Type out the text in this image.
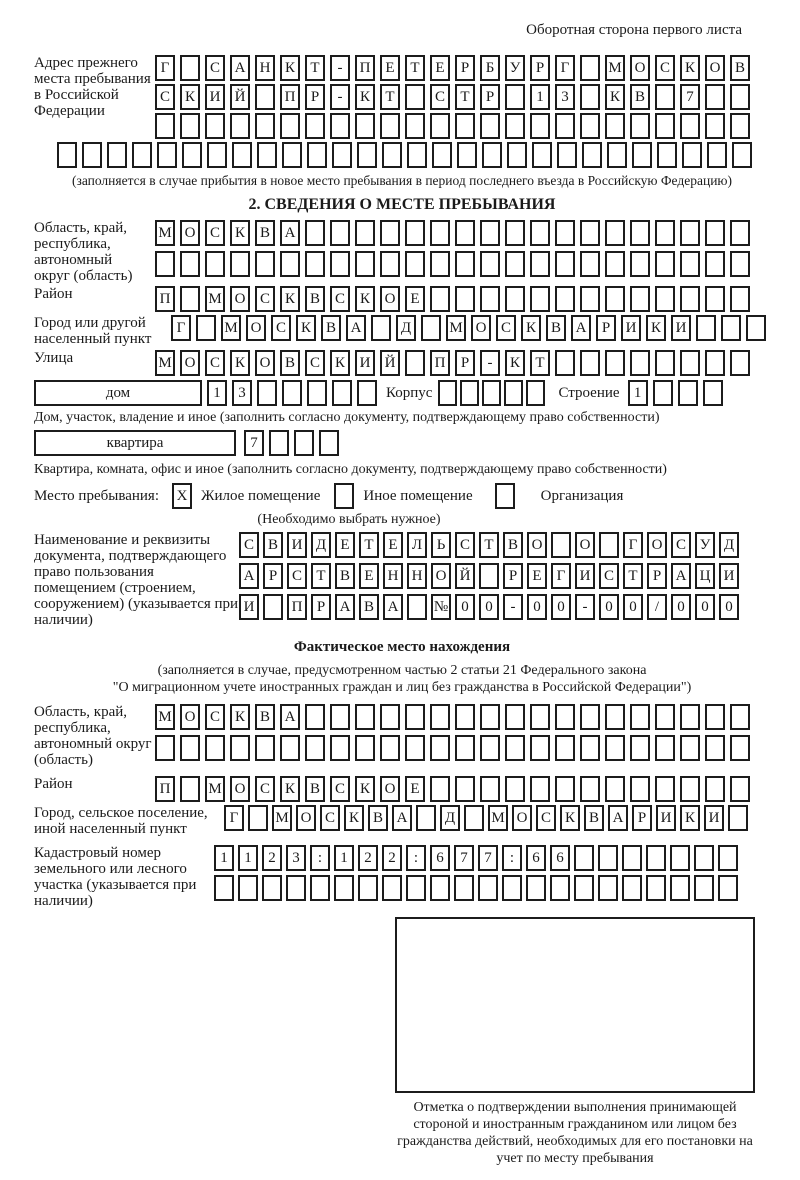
Оборотная сторона первого листа
Адрес прежнего места пребывания в Российской Федерации
Г	С А Н К	Т	-	П Е	Т	Е	Р	Б	У	Р	Г	М О С К О В
С К И Й	П	Р	-	К	Т	С	Т	Р	1	3	К В	7
(заполняется в случае прибытия в новое место пребывания в период последнего въезда в Российскую Федерацию)
2. СВЕДЕНИЯ О МЕСТЕ ПРЕБЫВАНИЯ
Область, край, республика, автономный округ (область)
М О С К В А
Район	П	М О С К В С К О Е
Город или другой населенный пункт
Г	М О С К В А	Д	М О С К В А	Р	И К И
Улица	М О С К О В С К И Й	П	Р	-	К	Т
дом	1	3	Корпус	Строение 1
Дом, участок, владение и иное (заполнить согласно документу, подтверждающему право собственности)
квартира	7
Квартира, комната, офис и иное (заполнить согласно документу, подтверждающему право собственности)
Место пребывания:	X Жилое помещение	Иное помещение	Организация
(Необходимо выбрать нужное)
Наименование и реквизиты документа, подтверждающего право пользования помещением (строением, сооружением) (указывается при наличии)
С В И Д Е Т Е Л Ь С Т В О	О	Г О С У Д
А Р С Т В Е Н Н О Й	Р	Е	Г И С Т	Р А Ц И
И	П Р А В А	№ 0	0	-	0	0	-	0	0	/	0	0	0
Фактическое место нахождения
(заполняется в случае, предусмотренном частью 2 статьи 21 Федерального закона
"О миграционном учете иностранных граждан и лиц без гражданства в Российской Федерации")
Область, край, республика, автономный округ (область)
М О С К В А
Район	П	М О С К В С К О Е
Город, сельское поселение, иной населенный пункт
Г	М О С К В А	Д	М О С К В А Р И К И
Кадастровый номер земельного или лесного участка (указывается при наличии)
1	1	2	3	:	1	2	2	:	6	7	7	:	6	6
Отметка о подтверждении выполнения принимающей стороной и иностранным гражданином или лицом без гражданства действий, необходимых для его постановки на учет по месту пребывания
